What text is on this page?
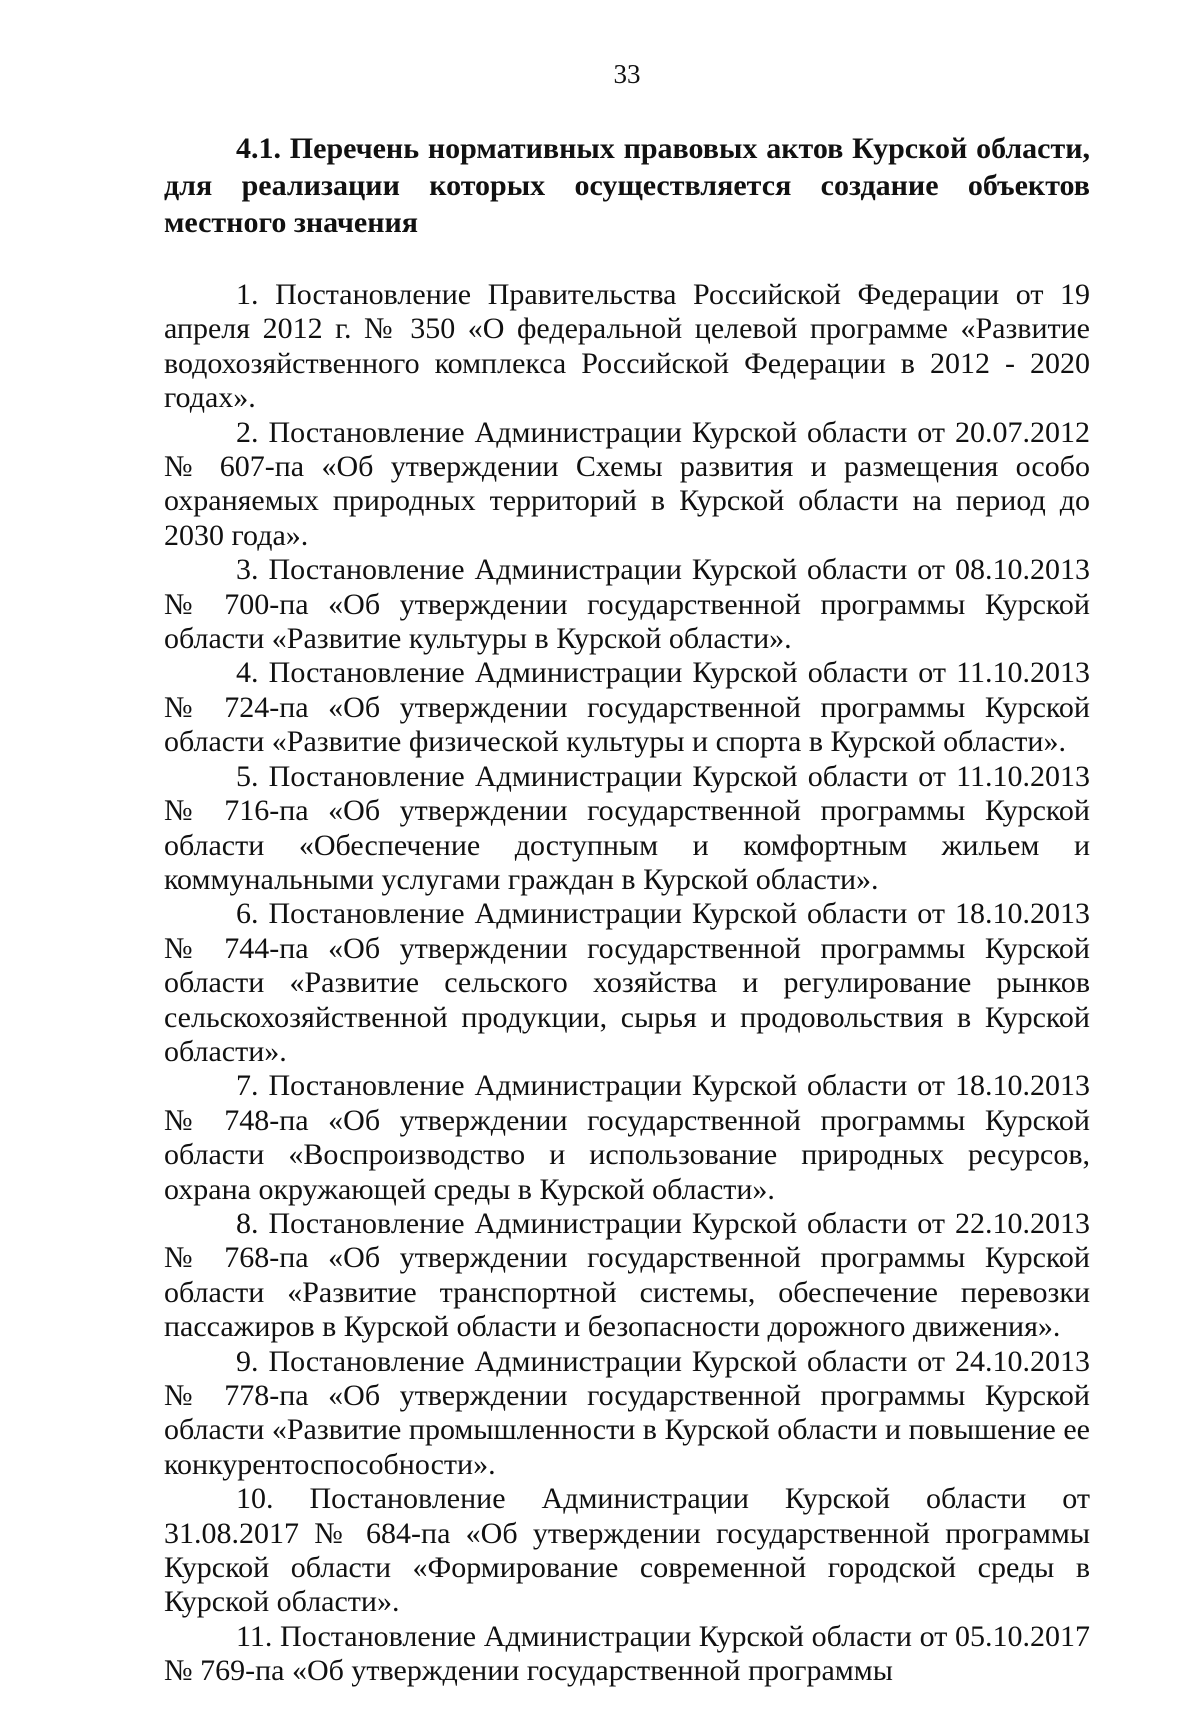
33
4.1. Перечень нормативных правовых актов Курской области, для реализации которых осуществляется создание объектов местного значения

1. Постановление Правительства Российской Федерации от 19 апреля 2012 г. № 350 «О федеральной целевой программе «Развитие водохозяйственного комплекса Российской Федерации в 2012 - 2020 годах».

2. Постановление Администрации Курской области от 20.07.2012 № 607-па «Об утверждении Схемы развития и размещения особо охраняемых природных территорий в Курской области на период до 2030 года».

3. Постановление Администрации Курской области от 08.10.2013 № 700-па «Об утверждении государственной программы Курской области «Развитие культуры в Курской области».

4. Постановление Администрации Курской области от 11.10.2013 № 724-па «Об утверждении государственной программы Курской области «Развитие физической культуры и спорта в Курской области».

5. Постановление Администрации Курской области от 11.10.2013 № 716-па «Об утверждении государственной программы Курской области «Обеспечение доступным и комфортным жильем и коммунальными услугами граждан в Курской области».

6. Постановление Администрации Курской области от 18.10.2013 № 744-па «Об утверждении государственной программы Курской области «Развитие сельского хозяйства и регулирование рынков сельскохозяйственной продукции, сырья и продовольствия в Курской области».

7. Постановление Администрации Курской области от 18.10.2013 № 748-па «Об утверждении государственной программы Курской области «Воспроизводство и использование природных ресурсов, охрана окружающей среды в Курской области».

8. Постановление Администрации Курской области от 22.10.2013 № 768-па «Об утверждении государственной программы Курской области «Развитие транспортной системы, обеспечение перевозки пассажиров в Курской области и безопасности дорожного движения».

9. Постановление Администрации Курской области от 24.10.2013 № 778-па «Об утверждении государственной программы Курской области «Развитие промышленности в Курской области и повышение ее конкурентоспособности».

10. Постановление Администрации Курской области от 31.08.2017 № 684-па «Об утверждении государственной программы Курской области «Формирование современной городской среды в Курской области».

11. Постановление Администрации Курской области от 05.10.2017 № 769-па «Об утверждении государственной программы
